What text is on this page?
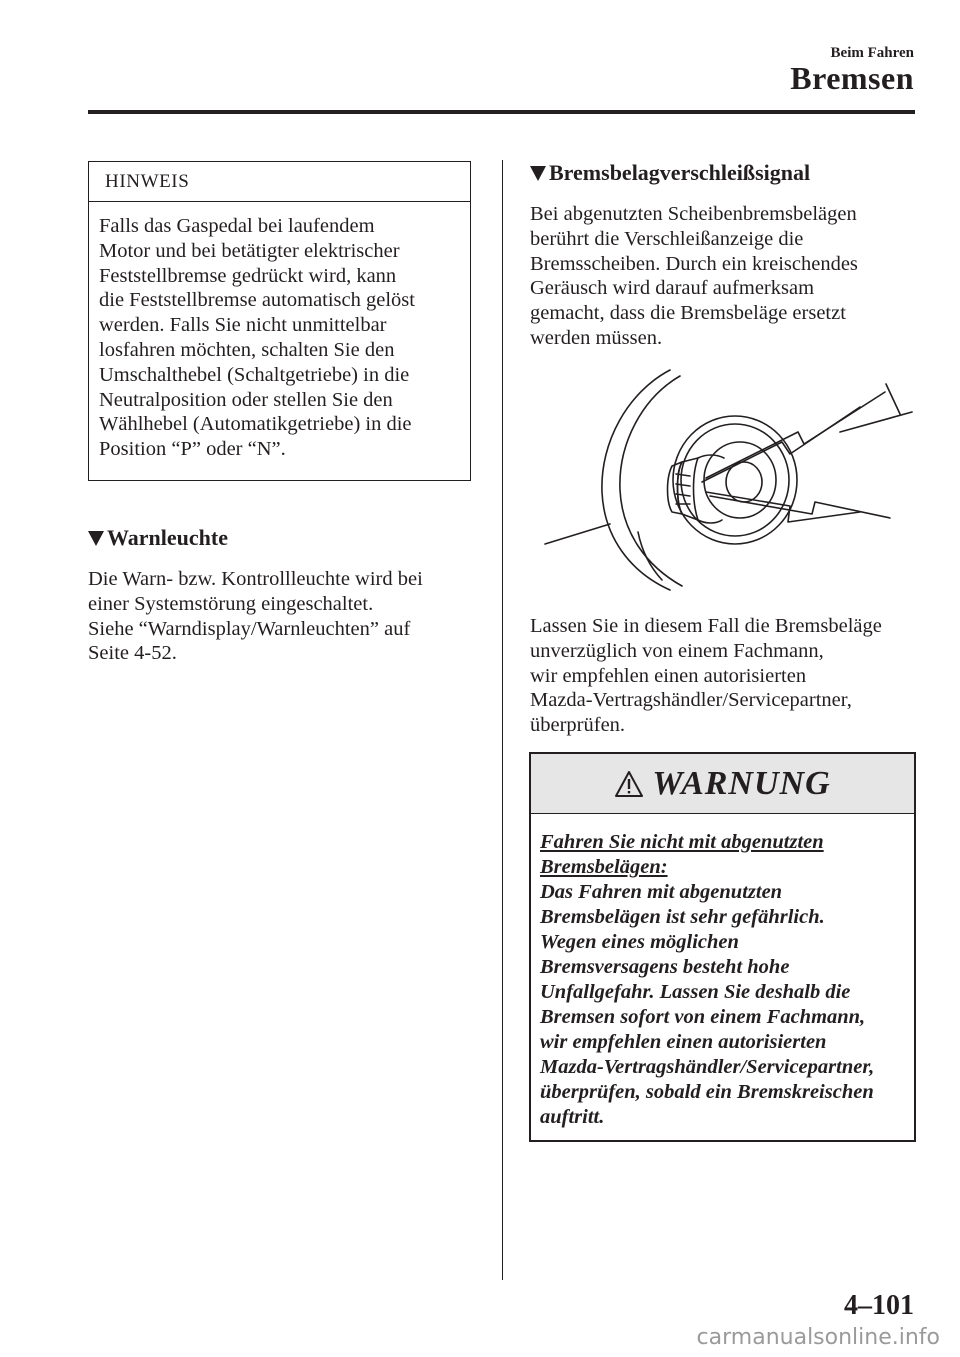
Beim Fahren
Bremsen
HINWEIS
Falls das Gaspedal bei laufendem
Motor und bei betätigter elektrischer
Feststellbremse gedrückt wird, kann
die Feststellbremse automatisch gelöst
werden. Falls Sie nicht unmittelbar
losfahren möchten, schalten Sie den
Umschalthebel (Schaltgetriebe) in die
Neutralposition oder stellen Sie den
Wählhebel (Automatikgetriebe) in die
Position “P” oder “N”.
Warnleuchte
Die Warn- bzw. Kontrollleuchte wird bei
einer Systemstörung eingeschaltet.
Siehe “Warndisplay/Warnleuchten” auf
Seite 4-52.
Bremsbelagverschleißsignal
Bei abgenutzten Scheibenbremsbelägen
berührt die Verschleißanzeige die
Bremsscheiben. Durch ein kreischendes
Geräusch wird darauf aufmerksam
gemacht, dass die Bremsbeläge ersetzt
werden müssen.
Lassen Sie in diesem Fall die Bremsbeläge
unverzüglich von einem Fachmann,
wir empfehlen einen autorisierten
Mazda-Vertragshändler/Servicepartner,
überprüfen.
WARNUNG
Fahren Sie nicht mit abgenutzten
Bremsbelägen:
Das Fahren mit abgenutzten
Bremsbelägen ist sehr gefährlich.
Wegen eines möglichen
Bremsversagens besteht hohe
Unfallgefahr. Lassen Sie deshalb die
Bremsen sofort von einem Fachmann,
wir empfehlen einen autorisierten
Mazda-Vertragshändler/Servicepartner,
überprüfen, sobald ein Bremskreischen
auftritt.
4–101
carmanualsonline.info
